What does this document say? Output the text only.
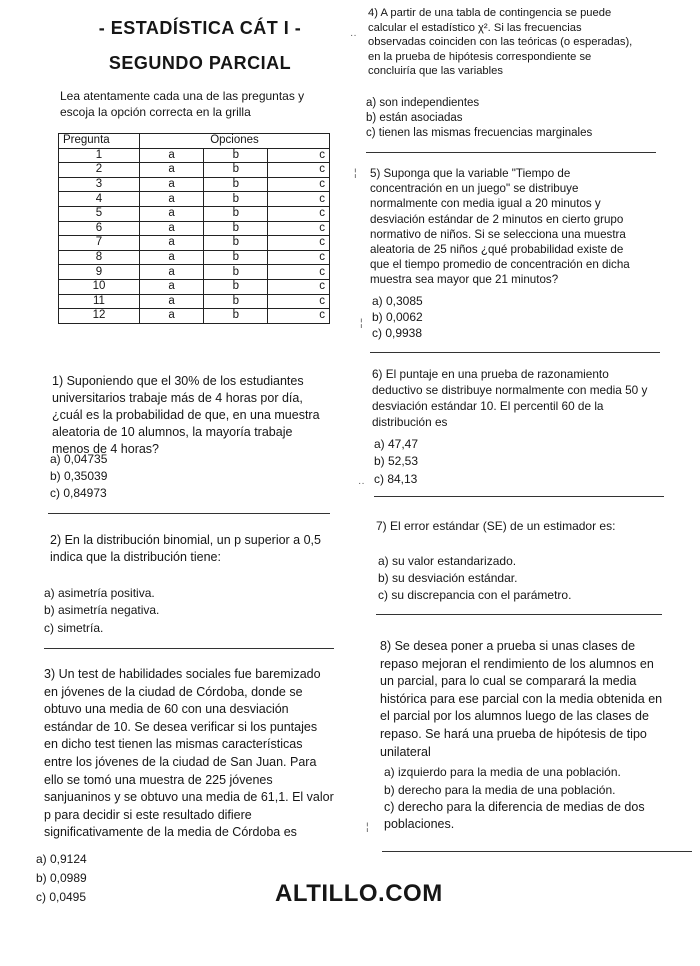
- ESTADÍSTICA CÁT I -
SEGUNDO PARCIAL
Lea atentamente cada una de las preguntas y escoja la opción correcta en la grilla
Pregunta	Opciones		
1	a	b	c
2	a	b	c
3	a	b	c
4	a	b	c
5	a	b	c
6	a	b	c
7	a	b	c
8	a	b	c
9	a	b	c
10	a	b	c
11	a	b	c
12	a	b	c
1) Suponiendo que el 30% de los estudiantes universitarios trabaje más de 4 horas por día, ¿cuál es la probabilidad de que, en una muestra aleatoria de 10 alumnos, la mayoría trabaje menos de 4 horas?
a) 0,04735
b) 0,35039
c) 0,84973
2) En la distribución binomial, un p superior a 0,5 indica que la distribución tiene:
a) asimetría positiva.
b) asimetría negativa.
c) simetría.
3) Un test de habilidades sociales fue baremizado en jóvenes de la ciudad de Córdoba, donde se obtuvo una media de 60 con una desviación estándar de 10. Se desea verificar si los puntajes en dicho test tienen las mismas características entre los jóvenes de la ciudad de San Juan. Para ello se tomó una muestra de 225 jóvenes sanjuaninos y se obtuvo una media de 61,1. El valor p para decidir si este resultado difiere significativamente de la media de Córdoba es
a) 0,9124
b) 0,0989
c) 0,0495
4) A partir de una tabla de contingencia se puede calcular el estadístico χ². Si las frecuencias observadas coinciden con las teóricas (o esperadas), en la prueba de hipótesis correspondiente se concluiría que las variables
a) son independientes
b) están asociadas
c) tienen las mismas frecuencias marginales
5) Suponga que la variable "Tiempo de concentración en un juego" se distribuye normalmente con media igual a 20 minutos y desviación estándar de 2 minutos en cierto grupo normativo de niños. Si se selecciona una muestra aleatoria de 25 niños ¿qué probabilidad existe de que el tiempo promedio de concentración en dicha muestra sea mayor que 21 minutos?
a) 0,3085
b) 0,0062
c) 0,9938
6) El puntaje en una prueba de razonamiento deductivo se distribuye normalmente con media 50 y desviación estándar 10. El percentil 60 de la distribución es
a) 47,47
b) 52,53
c) 84,13
7) El error estándar (SE) de un estimador es:
a) su valor estandarizado.
b) su desviación estándar.
c) su discrepancia con el parámetro.
8) Se desea poner a prueba si unas clases de repaso mejoran el rendimiento de los alumnos en un parcial, para lo cual se comparará la media histórica para ese parcial con la media obtenida en el parcial por los alumnos luego de las clases de repaso. Se hará una prueba de hipótesis de tipo unilateral
a) izquierdo para la media de una población.
b) derecho para la media de una población.
c) derecho para la diferencia de medias de dos poblaciones.
··
¦
¦
··
¦
ALTILLO.COM
